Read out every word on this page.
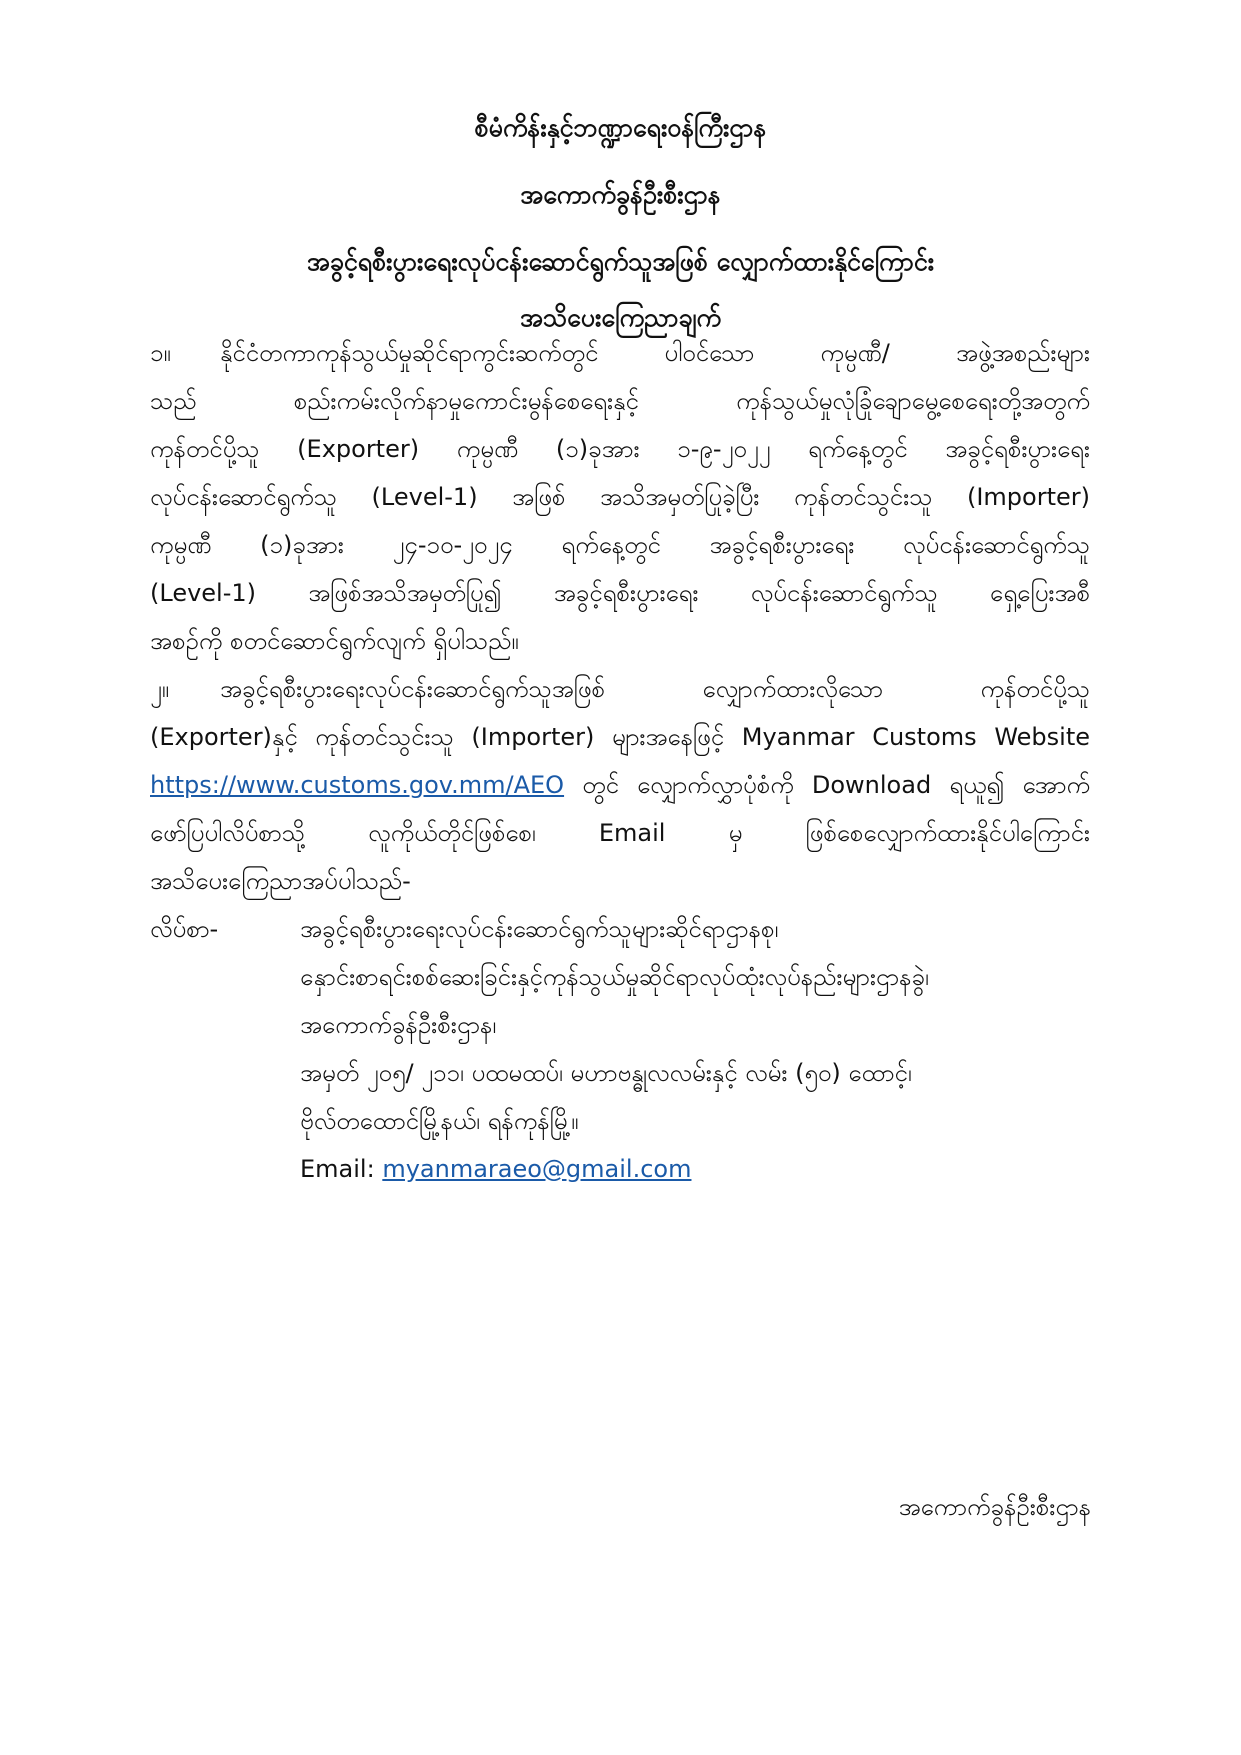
စီမံကိန်းနှင့်ဘဏ္ဍာရေးဝန်ကြီးဌာန
အကောက်ခွန်ဦးစီးဌာန
အခွင့်ရစီးပွားရေးလုပ်ငန်းဆောင်ရွက်သူအဖြစ် လျှောက်ထားနိုင်ကြောင်း
အသိပေးကြေညာချက်
၁။ နိုင်ငံတကာကုန်သွယ်မှုဆိုင်ရာကွင်းဆက်တွင် ပါဝင်သော ကုမ္ပဏီ/ အဖွဲ့အစည်းများ
သည် စည်းကမ်းလိုက်နာမှုကောင်းမွန်စေရေးနှင့် ကုန်သွယ်မှုလုံခြုံချောမွေ့စေရေးတို့အတွက်
ကုန်တင်ပို့သူ (Exporter) ကုမ္ပဏီ (၁)ခုအား ၁-၉-၂၀၂၂ ရက်နေ့တွင် အခွင့်ရစီးပွားရေး
လုပ်ငန်းဆောင်ရွက်သူ (Level-1) အဖြစ် အသိအမှတ်ပြုခဲ့ပြီး ကုန်တင်သွင်းသူ (Importer)
ကုမ္ပဏီ (၁)ခုအား ၂၄-၁၀-၂၀၂၄ ရက်နေ့တွင် အခွင့်ရစီးပွားရေး လုပ်ငန်းဆောင်ရွက်သူ
(Level-1) အဖြစ်အသိအမှတ်ပြု၍ အခွင့်ရစီးပွားရေး လုပ်ငန်းဆောင်ရွက်သူ ရှေ့ပြေးအစီ
အစဉ်ကို စတင်ဆောင်ရွက်လျက် ရှိပါသည်။
၂။ အခွင့်ရစီးပွားရေးလုပ်ငန်းဆောင်ရွက်သူအဖြစ် လျှောက်ထားလိုသော ကုန်တင်ပို့သူ
(Exporter)နှင့် ကုန်တင်သွင်းသူ (Importer) များအနေဖြင့် Myanmar Customs Website
https://www.customs.gov.mm/AEO တွင် လျှောက်လွှာပုံစံကို Download ရယူ၍ အောက်
ဖော်ပြပါလိပ်စာသို့ လူကိုယ်တိုင်ဖြစ်စေ၊ Email မှ ဖြစ်စေလျှောက်ထားနိုင်ပါကြောင်း
အသိပေးကြေညာအပ်ပါသည်-
လိပ်စာ-	အခွင့်ရစီးပွားရေးလုပ်ငန်းဆောင်ရွက်သူများဆိုင်ရာဌာနစု၊
နှောင်းစာရင်းစစ်ဆေးခြင်းနှင့်ကုန်သွယ်မှုဆိုင်ရာလုပ်ထုံးလုပ်နည်းများဌာနခွဲ၊
အကောက်ခွန်ဦးစီးဌာန၊
အမှတ် ၂၀၅/ ၂၁၁၊ ပထမထပ်၊ မဟာဗန္ဓုလလမ်းနှင့် လမ်း (၅၀) ထောင့်၊
ဗိုလ်တထောင်မြို့နယ်၊ ရန်ကုန်မြို့။
Email: myanmaraeo@gmail.com
အကောက်ခွန်ဦးစီးဌာန
